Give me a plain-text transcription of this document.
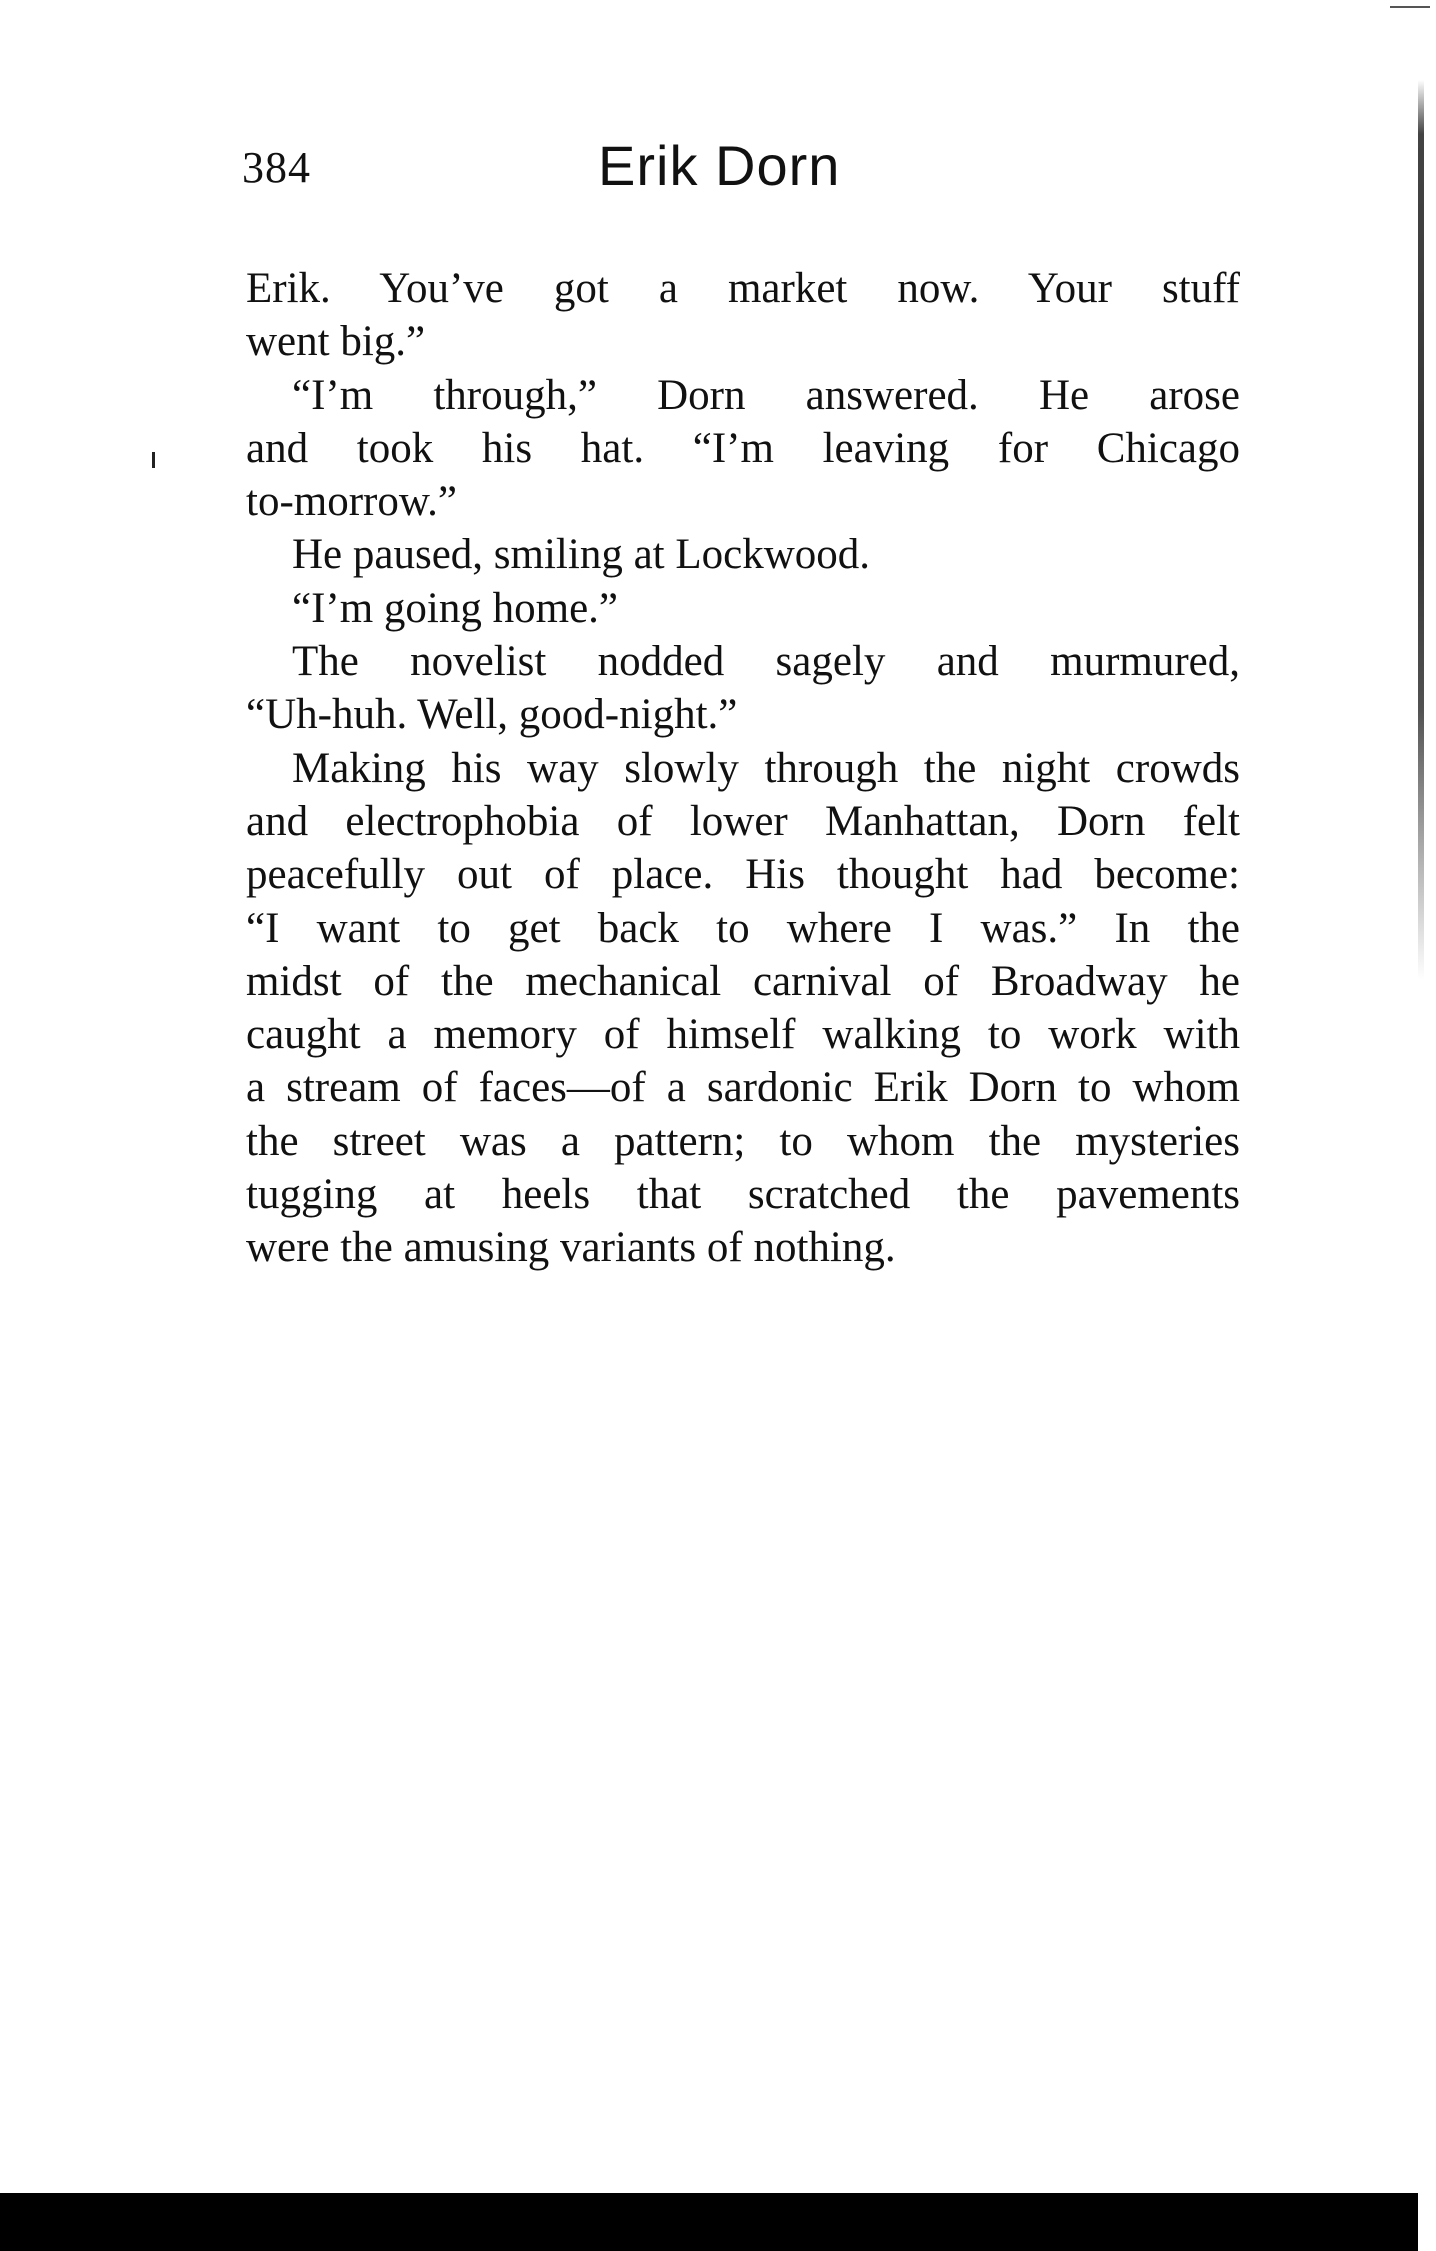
384	Erik Dorn
Erik. You’ve got a market now. Your stuff
went big.”
“I’m through,” Dorn answered. He arose
and took his hat. “I’m leaving for Chicago
to-morrow.”
He paused, smiling at Lockwood.
“I’m going home.”
The novelist nodded sagely and murmured,
“Uh-huh. Well, good-night.”
Making his way slowly through the night crowds
and electrophobia of lower Manhattan, Dorn felt
peacefully out of place. His thought had become:
“I want to get back to where I was.” In the
midst of the mechanical carnival of Broadway he
caught a memory of himself walking to work with
a stream of faces—of a sardonic Erik Dorn to whom
the street was a pattern; to whom the mysteries
tugging at heels that scratched the pavements
were the amusing variants of nothing.
